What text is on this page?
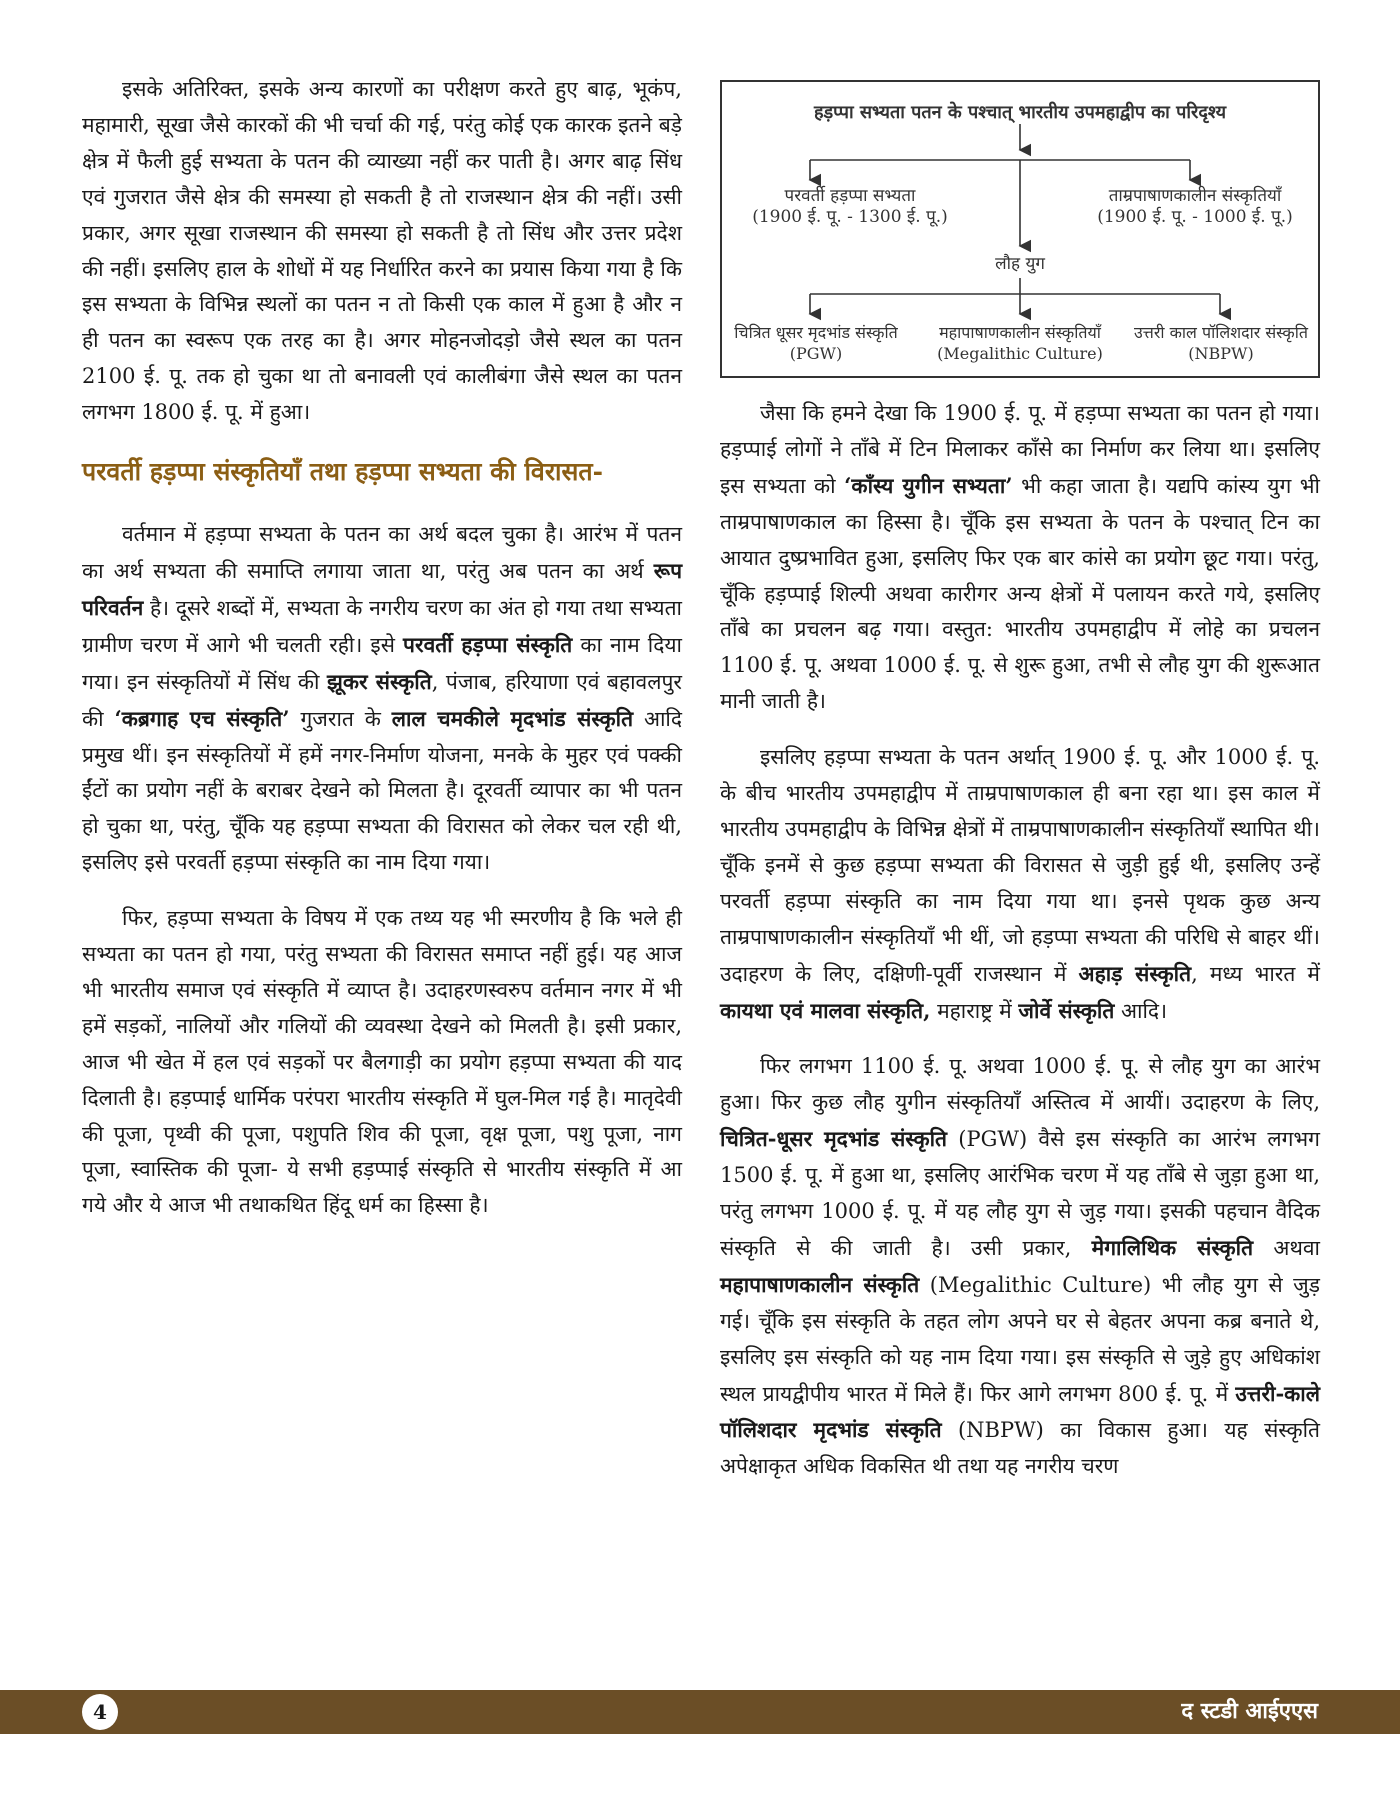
इसके अतिरिक्त, इसके अन्य कारणों का परीक्षण करते हुए बाढ़, भूकंप, महामारी, सूखा जैसे कारकों की भी चर्चा की गई, परंतु कोई एक कारक इतने बड़े क्षेत्र में फैली हुई सभ्यता के पतन की व्याख्या नहीं कर पाती है। अगर बाढ़ सिंध एवं गुजरात जैसे क्षेत्र की समस्या हो सकती है तो राजस्थान क्षेत्र की नहीं। उसी प्रकार, अगर सूखा राजस्थान की समस्या हो सकती है तो सिंध और उत्तर प्रदेश की नहीं। इसलिए हाल के शोधों में यह निर्धारित करने का प्रयास किया गया है कि इस सभ्यता के विभिन्न स्थलों का पतन न तो किसी एक काल में हुआ है और न ही पतन का स्वरूप एक तरह का है। अगर मोहनजोदड़ो जैसे स्थल का पतन 2100 ई. पू. तक हो चुका था तो बनावली एवं कालीबंगा जैसे स्थल का पतन लगभग 1800 ई. पू. में हुआ।

परवर्ती हड़प्पा संस्कृतियाँ तथा हड़प्पा सभ्यता की विरासत-

वर्तमान में हड़प्पा सभ्यता के पतन का अर्थ बदल चुका है। आरंभ में पतन का अर्थ सभ्यता की समाप्ति लगाया जाता था, परंतु अब पतन का अर्थ रूप परिवर्तन है। दूसरे शब्दों में, सभ्यता के नगरीय चरण का अंत हो गया तथा सभ्यता ग्रामीण चरण में आगे भी चलती रही। इसे परवर्ती हड़प्पा संस्कृति का नाम दिया गया। इन संस्कृतियों में सिंध की झूकर संस्कृति, पंजाब, हरियाणा एवं बहावलपुर की ‘कब्रगाह एच संस्कृति’ गुजरात के लाल चमकीले मृदभांड संस्कृति आदि प्रमुख थीं। इन संस्कृतियों में हमें नगर-निर्माण योजना, मनके के मुहर एवं पक्की ईंटों का प्रयोग नहीं के बराबर देखने को मिलता है। दूरवर्ती व्यापार का भी पतन हो चुका था, परंतु, चूँकि यह हड़प्पा सभ्यता की विरासत को लेकर चल रही थी, इसलिए इसे परवर्ती हड़प्पा संस्कृति का नाम दिया गया।

फिर, हड़प्पा सभ्यता के विषय में एक तथ्य यह भी स्मरणीय है कि भले ही सभ्यता का पतन हो गया, परंतु सभ्यता की विरासत समाप्त नहीं हुई। यह आज भी भारतीय समाज एवं संस्कृति में व्याप्त है। उदाहरणस्वरुप वर्तमान नगर में भी हमें सड़कों, नालियों और गलियों की व्यवस्था देखने को मिलती है। इसी प्रकार, आज भी खेत में हल एवं सड़कों पर बैलगाड़ी का प्रयोग हड़प्पा सभ्यता की याद दिलाती है। हड़प्पाई धार्मिक परंपरा भारतीय संस्कृति में घुल-मिल गई है। मातृदेवी की पूजा, पृथ्वी की पूजा, पशुपति शिव की पूजा, वृक्ष पूजा, पशु पूजा, नाग पूजा, स्वास्तिक की पूजा- ये सभी हड़प्पाई संस्कृति से भारतीय संस्कृति में आ गये और ये आज भी तथाकथित हिंदू धर्म का हिस्सा है।

हड़प्पा सभ्यता पतन के पश्चात् भारतीय उपमहाद्वीप का परिदृश्य
परवर्ती हड़प्पा सभ्यता
(1900 ई. पू. - 1300 ई. पू.)
ताम्रपाषाणकालीन संस्कृतियाँ
(1900 ई. पू. - 1000 ई. पू.)
लौह युग
चित्रित धूसर मृदभांड संस्कृति
(PGW)
महापाषाणकालीन संस्कृतियाँ
(Megalithic Culture)
उत्तरी काल पॉलिशदार संस्कृति
(NBPW)

जैसा कि हमने देखा कि 1900 ई. पू. में हड़प्पा सभ्यता का पतन हो गया। हड़प्पाई लोगों ने ताँबे में टिन मिलाकर काँसे का निर्माण कर लिया था। इसलिए इस सभ्यता को ‘काँस्य युगीन सभ्यता’ भी कहा जाता है। यद्यपि कांस्य युग भी ताम्रपाषाणकाल का हिस्सा है। चूँकि इस सभ्यता के पतन के पश्चात् टिन का आयात दुष्प्रभावित हुआ, इसलिए फिर एक बार कांसे का प्रयोग छूट गया। परंतु, चूँकि हड़प्पाई शिल्पी अथवा कारीगर अन्य क्षेत्रों में पलायन करते गये, इसलिए ताँबे का प्रचलन बढ़ गया। वस्तुत: भारतीय उपमहाद्वीप में लोहे का प्रचलन 1100 ई. पू. अथवा 1000 ई. पू. से शुरू हुआ, तभी से लौह युग की शुरूआत मानी जाती है।

इसलिए हड़प्पा सभ्यता के पतन अर्थात् 1900 ई. पू. और 1000 ई. पू. के बीच भारतीय उपमहाद्वीप में ताम्रपाषाणकाल ही बना रहा था। इस काल में भारतीय उपमहाद्वीप के विभिन्न क्षेत्रों में ताम्रपाषाणकालीन संस्कृतियाँ स्थापित थी। चूँकि इनमें से कुछ हड़प्पा सभ्यता की विरासत से जुड़ी हुई थी, इसलिए उन्हें परवर्ती हड़प्पा संस्कृति का नाम दिया गया था। इनसे पृथक कुछ अन्य ताम्रपाषाणकालीन संस्कृतियाँ भी थीं, जो हड़प्पा सभ्यता की परिधि से बाहर थीं। उदाहरण के लिए, दक्षिणी-पूर्वी राजस्थान में अहाड़ संस्कृति, मध्य भारत में कायथा एवं मालवा संस्कृति, महाराष्ट्र में जोर्वे संस्कृति आदि।

फिर लगभग 1100 ई. पू. अथवा 1000 ई. पू. से लौह युग का आरंभ हुआ। फिर कुछ लौह युगीन संस्कृतियाँ अस्तित्व में आयीं। उदाहरण के लिए, चित्रित-धूसर मृदभांड संस्कृति (PGW) वैसे इस संस्कृति का आरंभ लगभग 1500 ई. पू. में हुआ था, इसलिए आरंभिक चरण में यह ताँबे से जुड़ा हुआ था, परंतु लगभग 1000 ई. पू. में यह लौह युग से जुड़ गया। इसकी पहचान वैदिक संस्कृति से की जाती है। उसी प्रकार, मेगालिथिक संस्कृति अथवा महापाषाणकालीन संस्कृति (Megalithic Culture) भी लौह युग से जुड़ गई। चूँकि इस संस्कृति के तहत लोग अपने घर से बेहतर अपना कब्र बनाते थे, इसलिए इस संस्कृति को यह नाम दिया गया। इस संस्कृति से जुड़े हुए अधिकांश स्थल प्रायद्वीपीय भारत में मिले हैं। फिर आगे लगभग 800 ई. पू. में उत्तरी-काले पॉलिशदार मृदभांड संस्कृति (NBPW) का विकास हुआ। यह संस्कृति अपेक्षाकृत अधिक विकसित थी तथा यह नगरीय चरण

4	द स्टडी आईएएस
